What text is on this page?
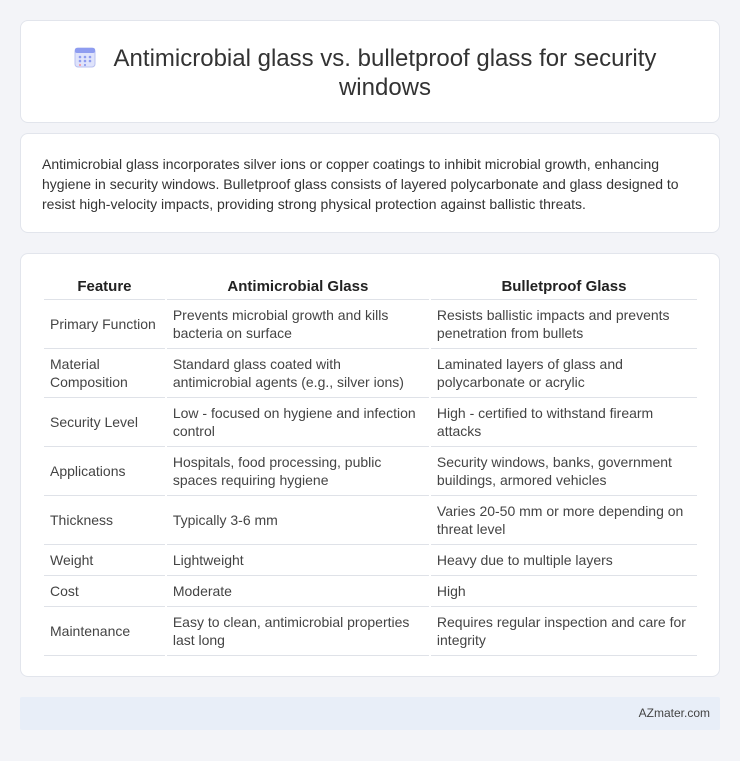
Antimicrobial glass vs. bulletproof glass for security windows

Antimicrobial glass incorporates silver ions or copper coatings to inhibit microbial growth, enhancing hygiene in security windows. Bulletproof glass consists of layered polycarbonate and glass designed to resist high-velocity impacts, providing strong physical protection against ballistic threats.

Feature	Antimicrobial Glass	Bulletproof Glass
Primary Function	Prevents microbial growth and kills bacteria on surface	Resists ballistic impacts and prevents penetration from bullets
Material Composition	Standard glass coated with antimicrobial agents (e.g., silver ions)	Laminated layers of glass and polycarbonate or acrylic
Security Level	Low - focused on hygiene and infection control	High - certified to withstand firearm attacks
Applications	Hospitals, food processing, public spaces requiring hygiene	Security windows, banks, government buildings, armored vehicles
Thickness	Typically 3-6 mm	Varies 20-50 mm or more depending on threat level
Weight	Lightweight	Heavy due to multiple layers
Cost	Moderate	High
Maintenance	Easy to clean, antimicrobial properties last long	Requires regular inspection and care for integrity
AZmater.com
